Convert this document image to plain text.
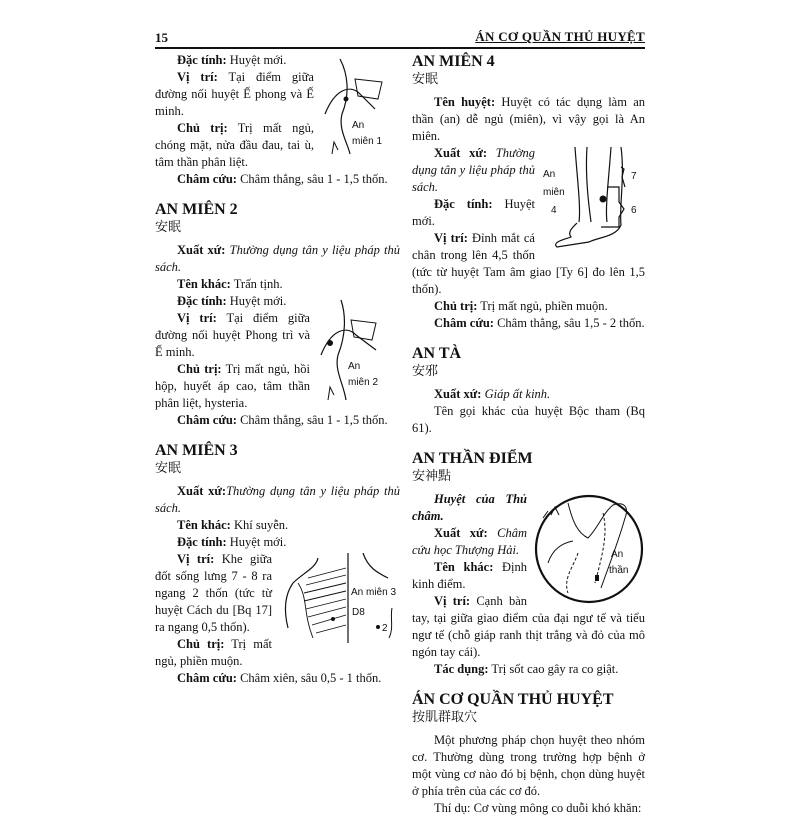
15	ÁN CƠ QUẦN THỦ HUYỆT
An
miên 1

Đặc tính: Huyệt mới.

Vị trí: Tại điểm giữa đường nối huyệt Ế phong và Ế minh.

Chủ trị: Trị mất ngủ, chóng mặt, nửa đầu đau, tai ù, tâm thần phân liệt.

Châm cứu: Châm thẳng, sâu 1 - 1,5 thốn.

AN MIÊN 2

安眠

Xuất xứ: Thường dụng tân y liệu pháp thủ sách.

Tên khác: Trấn tịnh.

An
miên 2

Đặc tính: Huyệt mới.

Vị trí: Tại điểm giữa đường nối huyệt Phong trì và Ế minh.

Chủ trị: Trị mất ngủ, hồi hộp, huyết áp cao, tâm thần phân liệt, hysteria.

Châm cứu: Châm thẳng, sâu 1 - 1,5 thốn.

AN MIÊN 3

安眠

Xuất xứ:Thường dụng tân y liệu pháp thủ sách.

Tên khác: Khí suyễn.

Đặc tính: Huyệt mới.

An miên 3
D8
2

Vị trí: Khe giữa đốt sống lưng 7 - 8 ra ngang 2 thốn (tức từ huyệt Cách du [Bq 17] ra ngang 0,5 thốn).

Chủ trị: Trị mất ngủ, phiền muộn.

Châm cứu: Châm xiên, sâu 0,5 - 1 thốn.

AN MIÊN 4

安眠

Tên huyệt: Huyệt có tác dụng làm an thần (an) dễ ngủ (miên), vì vậy gọi là An miên.

An
miên
4
7
6

Xuất xứ: Thường dụng tân y liệu pháp thủ sách.

Đặc tính: Huyệt mới.

Vị trí: Đỉnh mắt cá chân trong lên 4,5 thốn (tức từ huyệt Tam âm giao [Ty 6] đo lên 1,5 thốn).

Chủ trị: Trị mất ngủ, phiền muộn.

Châm cứu: Châm thẳng, sâu 1,5 - 2 thốn.

AN TÀ

安邪

Xuất xứ: Giáp ất kinh.

Tên gọi khác của huyệt Bộc tham (Bq 61).

AN THẦN ĐIỂM

安神點

An
thần

Huyệt của Thủ châm.

Xuất xứ: Châm cứu học Thượng Hải.

Tên khác: Định kinh điểm.

Vị trí: Cạnh bàn tay, tại giữa giao điểm của đại ngư tế và tiểu ngư tế (chỗ giáp ranh thịt trắng và đỏ của mô ngón tay cái).

Tác dụng: Trị sốt cao gây ra co giật.

ÁN CƠ QUẦN THỦ HUYỆT

按肌群取穴

Một phương pháp chọn huyệt theo nhóm cơ. Thường dùng trong trường hợp bệnh ở một vùng cơ nào đó bị bệnh, chọn dùng huyệt ở phía trên của các cơ đó.

Thí dụ: Cơ vùng mông co duỗi khó khăn:
